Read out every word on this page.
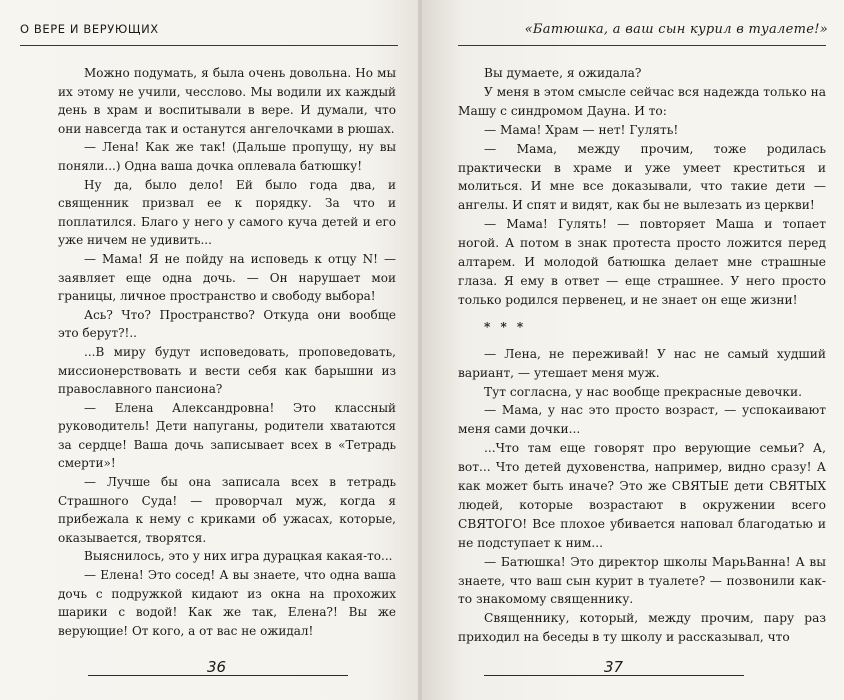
О ВЕРЕ И ВЕРУЮЩИХ

Можно подумать, я была очень довольна. Но мы их этому не учили, чесслово. Мы водили их каждый день в храм и воспитывали в вере. И думали, что они навсегда так и останутся ангелочками в рюшах.

— Лена! Как же так! (Дальше пропущу, ну вы поняли...) Одна ваша дочка оплевала батюшку!

Ну да, было дело! Ей было года два, и священник призвал ее к порядку. За что и поплатился. Благо у него у самого куча детей и его уже ничем не удивить...

— Мама! Я не пойду на исповедь к отцу N! — заявляет еще одна дочь. — Он нарушает мои границы, личное пространство и свободу выбора!

Ась? Что? Пространство? Откуда они вообще это берут?!..

...В миру будут исповедовать, проповедовать, миссионерствовать и вести себя как барышни из православного пансиона?

— Елена Александровна! Это классный руководитель! Дети напуганы, родители хватаются за сердце! Ваша дочь записывает всех в «Тетрадь смерти»!

— Лучше бы она записала всех в тетрадь Страшного Суда! — проворчал муж, когда я прибежала к нему с криками об ужасах, которые, оказывается, творятся.

Выяснилось, это у них игра дурацкая какая-то...

— Елена! Это сосед! А вы знаете, что одна ваша дочь с подружкой кидают из окна на прохожих шарики с водой! Как же так, Елена?! Вы же верующие! От кого, а от вас не ожидал!

36
«Батюшка, а ваш сын курил в туалете!»

Вы думаете, я ожидала?

У меня в этом смысле сейчас вся надежда только на Машу с синдромом Дауна. И то:

— Мама! Храм — нет! Гулять!

— Мама, между прочим, тоже родилась практически в храме и уже умеет креститься и молиться. И мне все доказывали, что такие дети — ангелы. И спят и видят, как бы не вылезать из церкви!

— Мама! Гулять! — повторяет Маша и топает ногой. А потом в знак протеста просто ложится перед алтарем. И молодой батюшка делает мне страшные глаза. Я ему в ответ — еще страшнее. У него просто только родился первенец, и не знает он еще жизни!

* * *

— Лена, не переживай! У нас не самый худший вариант, — утешает меня муж.

Тут согласна, у нас вообще прекрасные девочки.

— Мама, у нас это просто возраст, — успокаивают меня сами дочки...

...Что там еще говорят про верующие семьи? А, вот... Что детей духовенства, например, видно сразу! А как может быть иначе? Это же СВЯТЫЕ дети СВЯТЫХ людей, которые возрастают в окружении всего СВЯТОГО! Все плохое убивается наповал благодатью и не подступает к ним...

— Батюшка! Это директор школы МарьВанна! А вы знаете, что ваш сын курит в туалете? — позвонили как-то знакомому священнику.

Священнику, который, между прочим, пару раз приходил на беседы в ту школу и рассказывал, что

37
